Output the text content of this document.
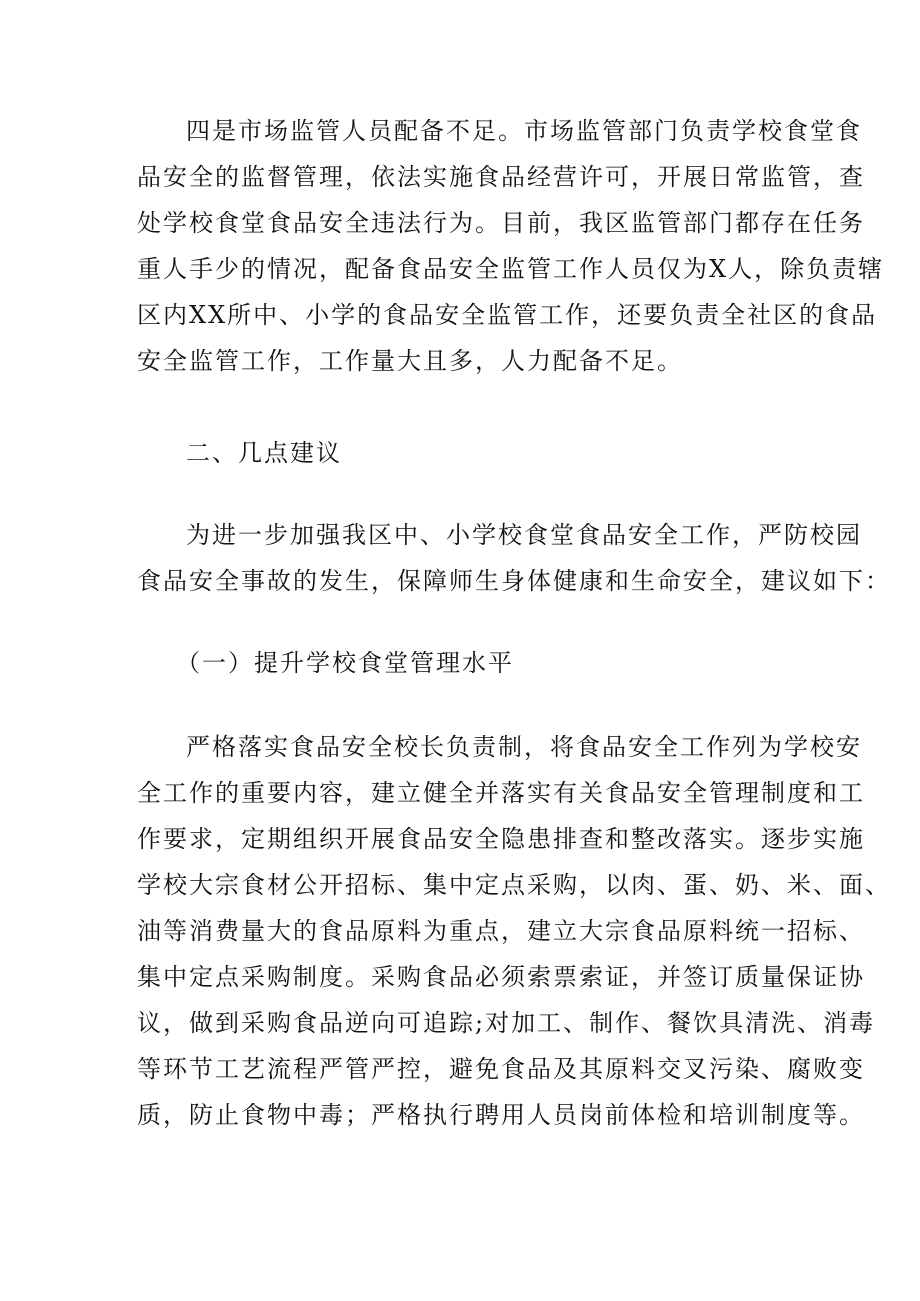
四是市场监管人员配备不足。市场监管部门负责学校食堂食
品安全的监督管理，依法实施食品经营许可，开展日常监管，查
处学校食堂食品安全违法行为。目前，我区监管部门都存在任务
重人手少的情况，配备食品安全监管工作人员仅为X人，除负责辖
区内XX所中、小学的食品安全监管工作，还要负责全社区的食品
安全监管工作，工作量大且多，人力配备不足。
二、几点建议
为进一步加强我区中、小学校食堂食品安全工作，严防校园
食品安全事故的发生，保障师生身体健康和生命安全，建议如下：
（一）提升学校食堂管理水平
严格落实食品安全校长负责制，将食品安全工作列为学校安
全工作的重要内容，建立健全并落实有关食品安全管理制度和工
作要求，定期组织开展食品安全隐患排查和整改落实。逐步实施
学校大宗食材公开招标、集中定点采购，以肉、蛋、奶、米、面、
油等消费量大的食品原料为重点，建立大宗食品原料统一招标、
集中定点采购制度。采购食品必须索票索证，并签订质量保证协
议，做到采购食品逆向可追踪;对加工、制作、餐饮具清洗、消毒
等环节工艺流程严管严控，避免食品及其原料交叉污染、腐败变
质，防止食物中毒；严格执行聘用人员岗前体检和培训制度等。
